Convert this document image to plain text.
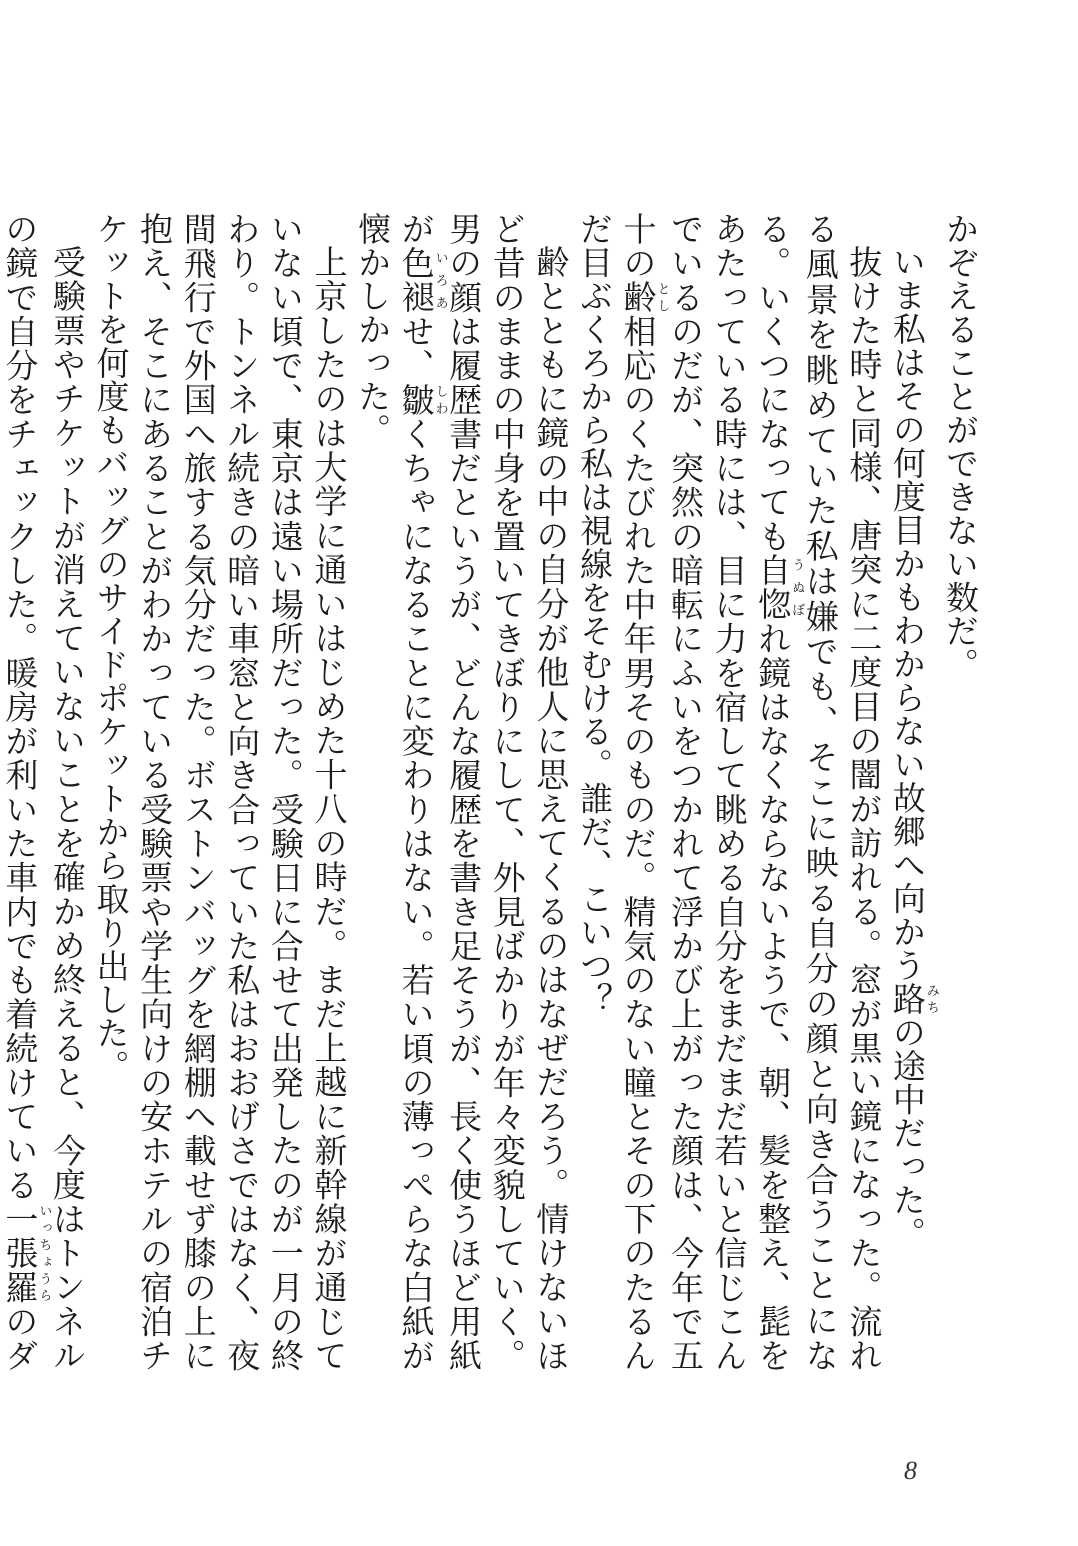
かぞえることができない数だ。

いま私はその何度目かもわからない故郷へ向かう路みちの途中だった。

抜けた時と同様、唐突に二度目の闇が訪れる。窓が黒い鏡になった。流れる風景を眺めていた私は嫌でも、そこに映る自分の顔と向き合うことになる。いくつになっても自惚うぬぼれ鏡はなくならないようで、朝、髪を整え、髭をあたっている時には、目に力を宿して眺める自分をまだまだ若いと信じこんでいるのだが、突然の暗転にふいをつかれて浮かび上がった顔は、今年で五十の齢とし相応のくたびれた中年男そのものだ。精気のない瞳とその下のたるんだ目ぶくろから私は視線をそむける。誰だ、こいつ？

齢とともに鏡の中の自分が他人に思えてくるのはなぜだろう。情けないほど昔のままの中身を置いてきぼりにして、外見ばかりが年々変貌していく。男の顔は履歴書だというが、どんな履歴を書き足そうが、長く使うほど用紙が色褪いろあせ、皺しわくちゃになることに変わりはない。若い頃の薄っぺらな白紙が懐かしかった。

上京したのは大学に通いはじめた十八の時だ。まだ上越に新幹線が通じていない頃で、東京は遠い場所だった。受験日に合せて出発したのが一月の終わり。トンネル続きの暗い車窓と向き合っていた私はおおげさではなく、夜間飛行で外国へ旅する気分だった。ボストンバッグを網棚へ載せず膝の上に抱え、そこにあることがわかっている受験票や学生向けの安ホテルの宿泊チケットを何度もバッグのサイドポケットから取り出した。

受験票やチケットが消えていないことを確かめ終えると、今度はトンネルの鏡で自分をチェックした。暖房が利いた車内でも着続けている一張羅いっちょうらのダ

8
